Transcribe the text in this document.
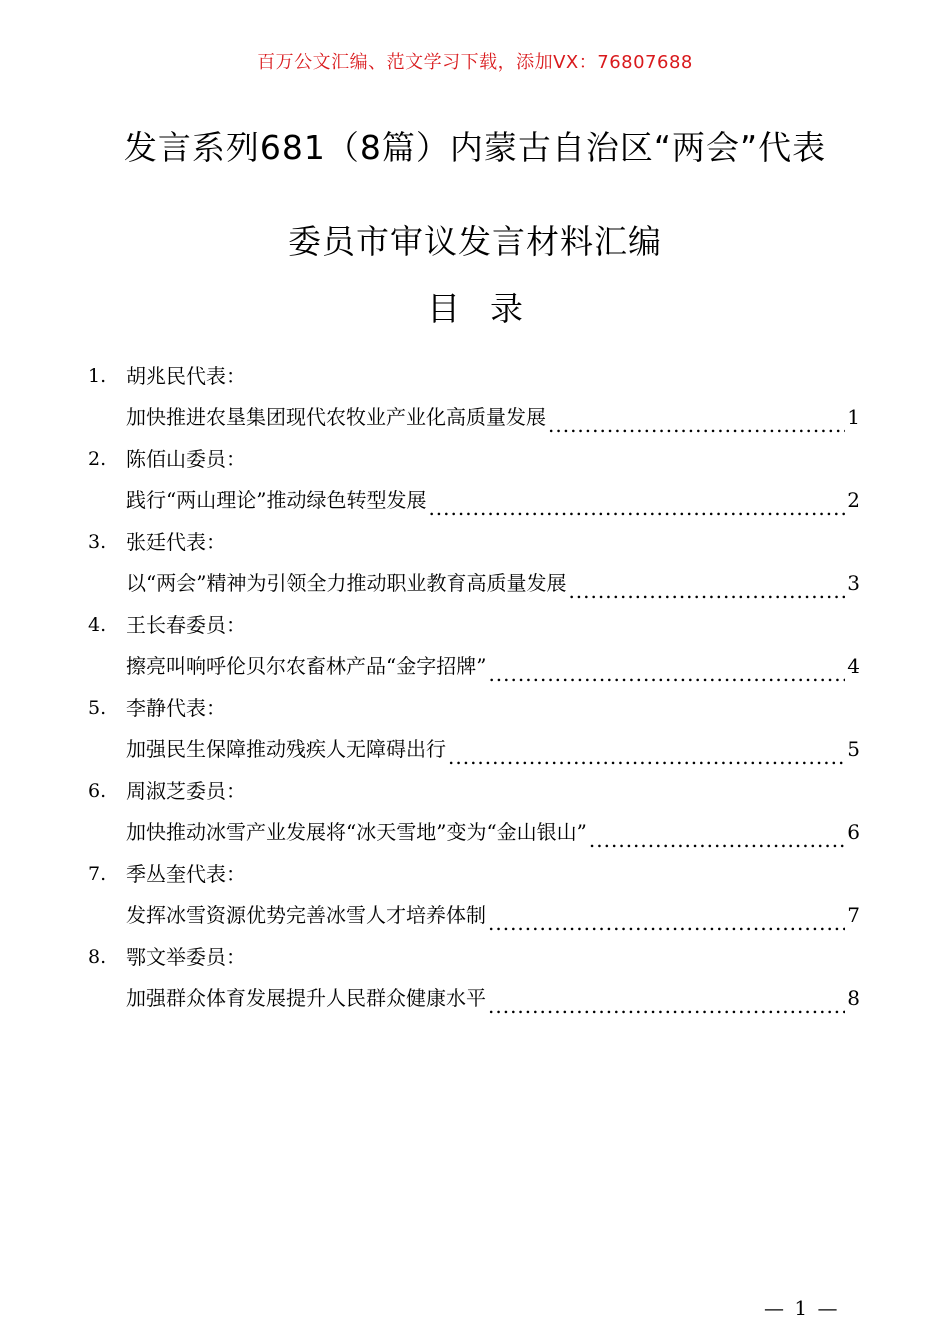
百万公文汇编、范文学习下载，添加VX：76807688
发言系列681（8篇）内蒙古自治区“两会”代表
委员市审议发言材料汇编
目录
1. 胡兆民代表：
加快推进农垦集团现代农牧业产业化高质量发展 .....	1
2. 陈佰山委员：
践行“两山理论”推动绿色转型发展 .....	2
3. 张廷代表：
以“两会”精神为引领全力推动职业教育高质量发展 .....	3
4. 王长春委员：
擦亮叫响呼伦贝尔农畜林产品“金字招牌” .....	4
5. 李静代表：
加强民生保障推动残疾人无障碍出行 .....	5
6. 周淑芝委员：
加快推动冰雪产业发展将“冰天雪地”变为“金山银山” .....	6
7. 季丛奎代表：
发挥冰雪资源优势完善冰雪人才培养体制 .....	7
8. 鄂文举委员：
加强群众体育发展提升人民群众健康水平 .....	8
— 1 —
